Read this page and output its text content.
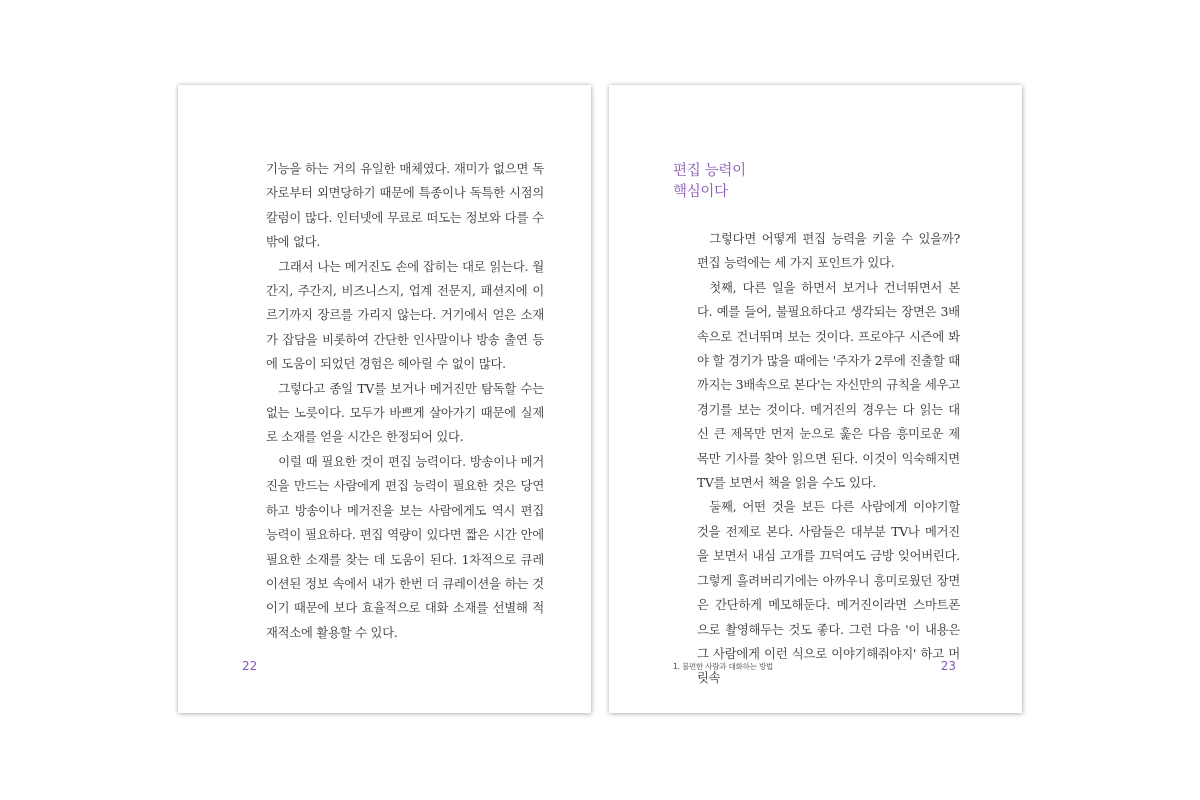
기능을 하는 거의 유일한 매체였다. 재미가 없으면 독자로부터 외면당하기 때문에 특종이나 독특한 시점의 칼럼이 많다. 인터넷에 무료로 떠도는 정보와 다를 수밖에 없다.

그래서 나는 메거진도 손에 잡히는 대로 읽는다. 월간지, 주간지, 비즈니스지, 업계 전문지, 패션지에 이르기까지 장르를 가리지 않는다. 거기에서 얻은 소재가 잡담을 비롯하여 간단한 인사말이나 방송 출연 등에 도움이 되었던 경험은 헤아릴 수 없이 많다.

그렇다고 종일 TV를 보거나 메거진만 탐독할 수는 없는 노릇이다. 모두가 바쁘게 살아가기 때문에 실제로 소재를 얻을 시간은 한정되어 있다.

이럴 때 필요한 것이 편집 능력이다. 방송이나 메거진을 만드는 사람에게 편집 능력이 필요한 것은 당연하고 방송이나 메거진을 보는 사람에게도 역시 편집 능력이 필요하다. 편집 역량이 있다면 짧은 시간 안에 필요한 소재를 찾는 데 도움이 된다. 1차적으로 큐레이션된 정보 속에서 내가 한번 더 큐레이션을 하는 것이기 때문에 보다 효율적으로 대화 소재를 선별해 적재적소에 활용할 수 있다.

22
편집 능력이
핵심이다

그렇다면 어떻게 편집 능력을 키울 수 있을까? 편집 능력에는 세 가지 포인트가 있다.

첫째, 다른 일을 하면서 보거나 건너뛰면서 본다. 예를 들어, 불필요하다고 생각되는 장면은 3배속으로 건너뛰며 보는 것이다. 프로야구 시즌에 봐야 할 경기가 많을 때에는 '주자가 2루에 진출할 때까지는 3배속으로 본다'는 자신만의 규칙을 세우고 경기를 보는 것이다. 메거진의 경우는 다 읽는 대신 큰 제목만 먼저 눈으로 훑은 다음 흥미로운 제목만 기사를 찾아 읽으면 된다. 이것이 익숙해지면 TV를 보면서 책을 읽을 수도 있다.

둘째, 어떤 것을 보든 다른 사람에게 이야기할 것을 전제로 본다. 사람들은 대부분 TV나 메거진을 보면서 내심 고개를 끄덕여도 금방 잊어버린다. 그렇게 흘려버리기에는 아까우니 흥미로웠던 장면은 간단하게 메모해둔다. 메거진이라면 스마트폰으로 촬영해두는 것도 좋다. 그런 다음 '이 내용은 그 사람에게 이런 식으로 이야기해줘야지' 하고 머릿속

1. 불편한 사람과 대화하는 방법	23
